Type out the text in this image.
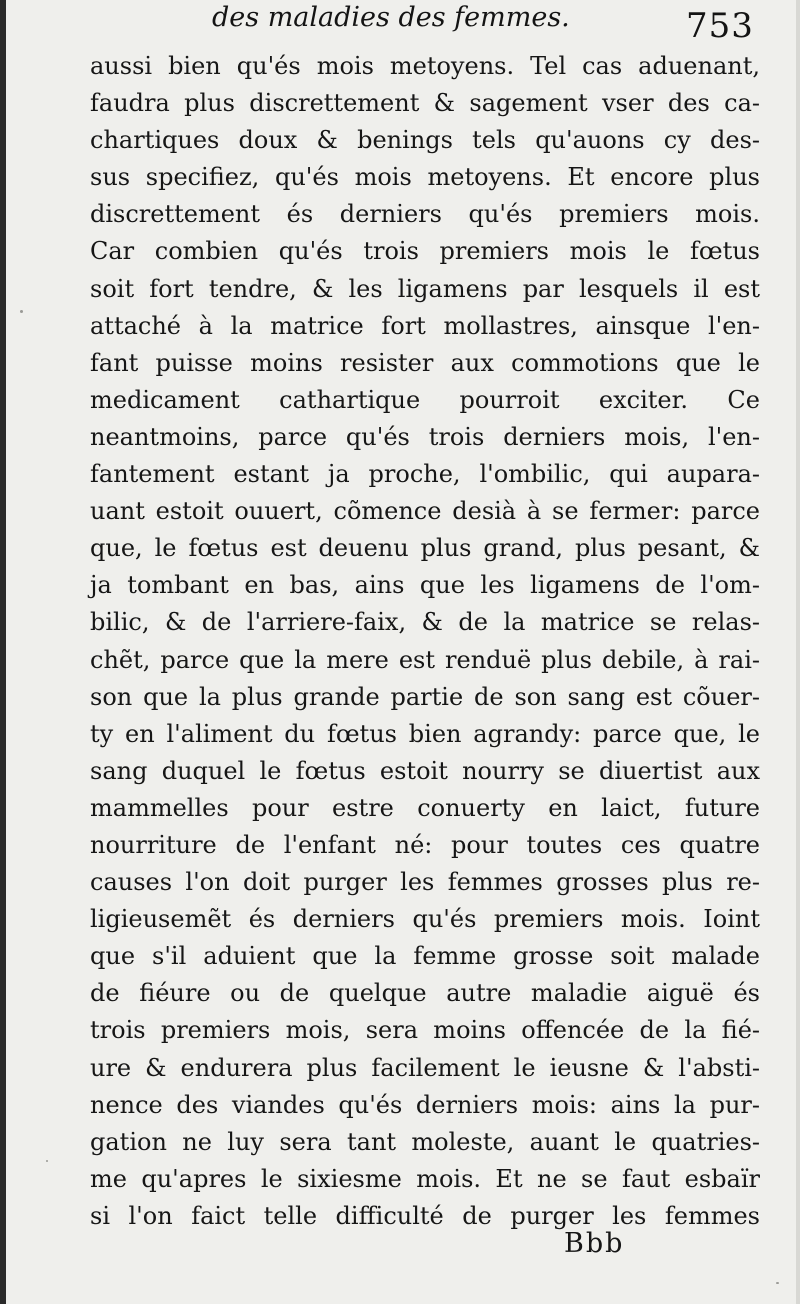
des maladies des femmes.	753
aussi bien qu'és mois metoyens. Tel cas aduenant,
faudra plus discrettement & sagement vser des ca-
chartiques doux & benings tels qu'auons cy des-
sus specifiez, qu'és mois metoyens. Et encore plus
discrettement és derniers qu'és premiers mois.
Car combien qu'és trois premiers mois le fœtus
soit fort tendre, & les ligamens par lesquels il est
attaché à la matrice fort mollastres, ainsque l'en-
fant puisse moins resister aux commotions que le
medicament cathartique pourroit exciter. Ce
neantmoins, parce qu'és trois derniers mois, l'en-
fantement estant ja proche, l'ombilic, qui aupara-
uant estoit ouuert, cõmence desià à se fermer: parce
que, le fœtus est deuenu plus grand, plus pesant, &
ja tombant en bas, ains que les ligamens de l'om-
bilic, & de l'arriere-faix, & de la matrice se relas-
chẽt, parce que la mere est renduë plus debile, à rai-
son que la plus grande partie de son sang est cõuer-
ty en l'aliment du fœtus bien agrandy: parce que, le
sang duquel le fœtus estoit nourry se diuertist aux
mammelles pour estre conuerty en laict, future
nourriture de l'enfant né: pour toutes ces quatre
causes l'on doit purger les femmes grosses plus re-
ligieusemẽt és derniers qu'és premiers mois. Ioint
que s'il aduient que la femme grosse soit malade
de fiéure ou de quelque autre maladie aiguë és
trois premiers mois, sera moins offencée de la fié-
ure & endurera plus facilement le ieusne & l'absti-
nence des viandes qu'és derniers mois: ains la pur-
gation ne luy sera tant moleste, auant le quatries-
me qu'apres le sixiesme mois. Et ne se faut esbaïr
si l'on faict telle difficulté de purger les femmes
Bbb
